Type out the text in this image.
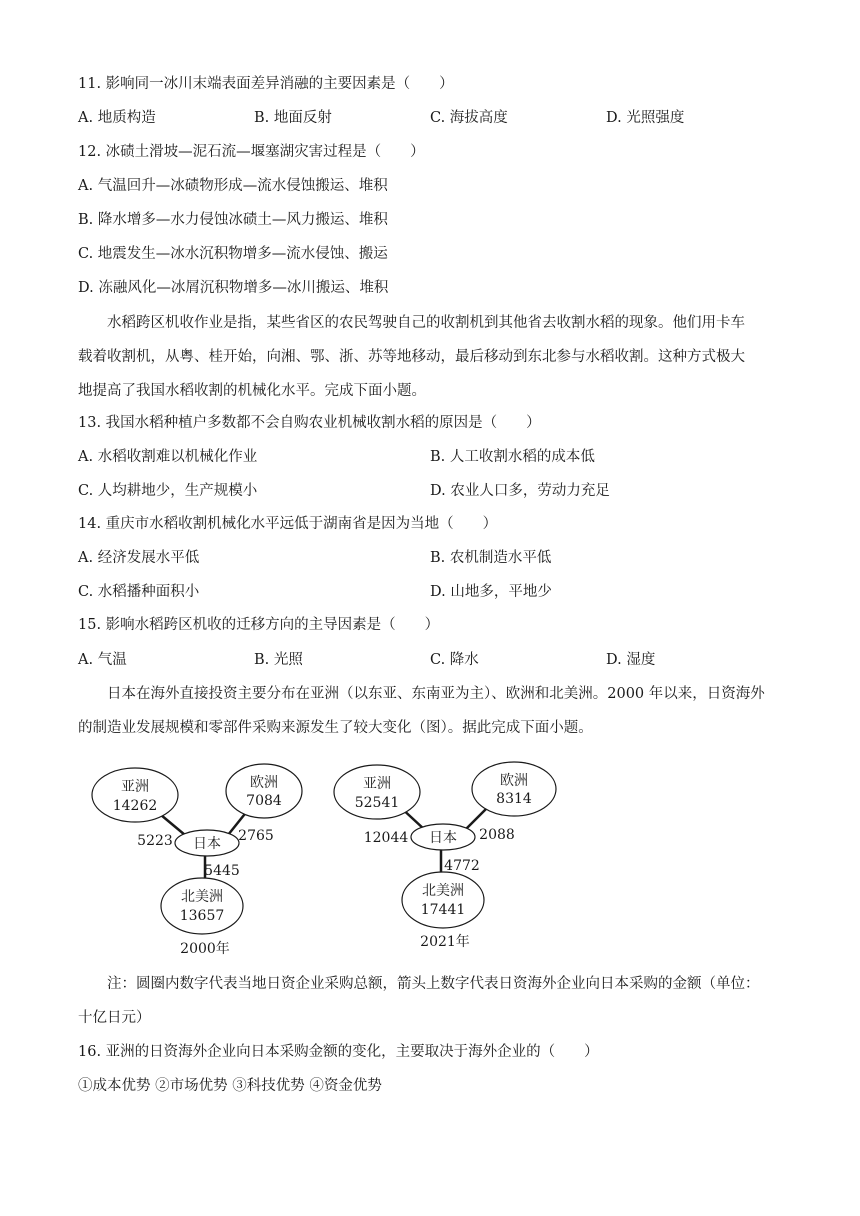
11. 影响同一冰川末端表面差异消融的主要因素是（　　）
A. 地质构造	B. 地面反射	C. 海拔高度	D. 光照强度
12. 冰碛土滑坡—泥石流—堰塞湖灾害过程是（　　）
A. 气温回升—冰碛物形成—流水侵蚀搬运、堆积
B. 降水增多—水力侵蚀冰碛土—风力搬运、堆积
C. 地震发生—冰水沉积物增多—流水侵蚀、搬运
D. 冻融风化—冰屑沉积物增多—冰川搬运、堆积
　　水稻跨区机收作业是指，某些省区的农民驾驶自己的收割机到其他省去收割水稻的现象。他们用卡车
载着收割机，从粤、桂开始，向湘、鄂、浙、苏等地移动，最后移动到东北参与水稻收割。这种方式极大
地提高了我国水稻收割的机械化水平。完成下面小题。
13. 我国水稻种植户多数都不会自购农业机械收割水稻的原因是（　　）
A. 水稻收割难以机械化作业	B. 人工收割水稻的成本低
C. 人均耕地少，生产规模小	D. 农业人口多，劳动力充足
14. 重庆市水稻收割机械化水平远低于湖南省是因为当地（　　）
A. 经济发展水平低	B. 农机制造水平低
C. 水稻播种面积小	D. 山地多，平地少
15. 影响水稻跨区机收的迁移方向的主导因素是（　　）
A. 气温	B. 光照	C. 降水	D. 湿度
　　日本在海外直接投资主要分布在亚洲（以东亚、东南亚为主）、欧洲和北美洲。2000 年以来，日资海外
的制造业发展规模和零部件采购来源发生了较大变化（图）。据此完成下面小题。
亚洲
14262
欧洲
7084
日本
北美洲
13657
5223	2765
5445
2000年
亚洲
52541
欧洲
8314
日本
北美洲
17441
12044	2088
4772
2021年
　　注：圆圈内数字代表当地日资企业采购总额，箭头上数字代表日资海外企业向日本采购的金额（单位：
十亿日元）
16. 亚洲的日资海外企业向日本采购金额的变化，主要取决于海外企业的（　　）
①成本优势 ②市场优势 ③科技优势 ④资金优势
